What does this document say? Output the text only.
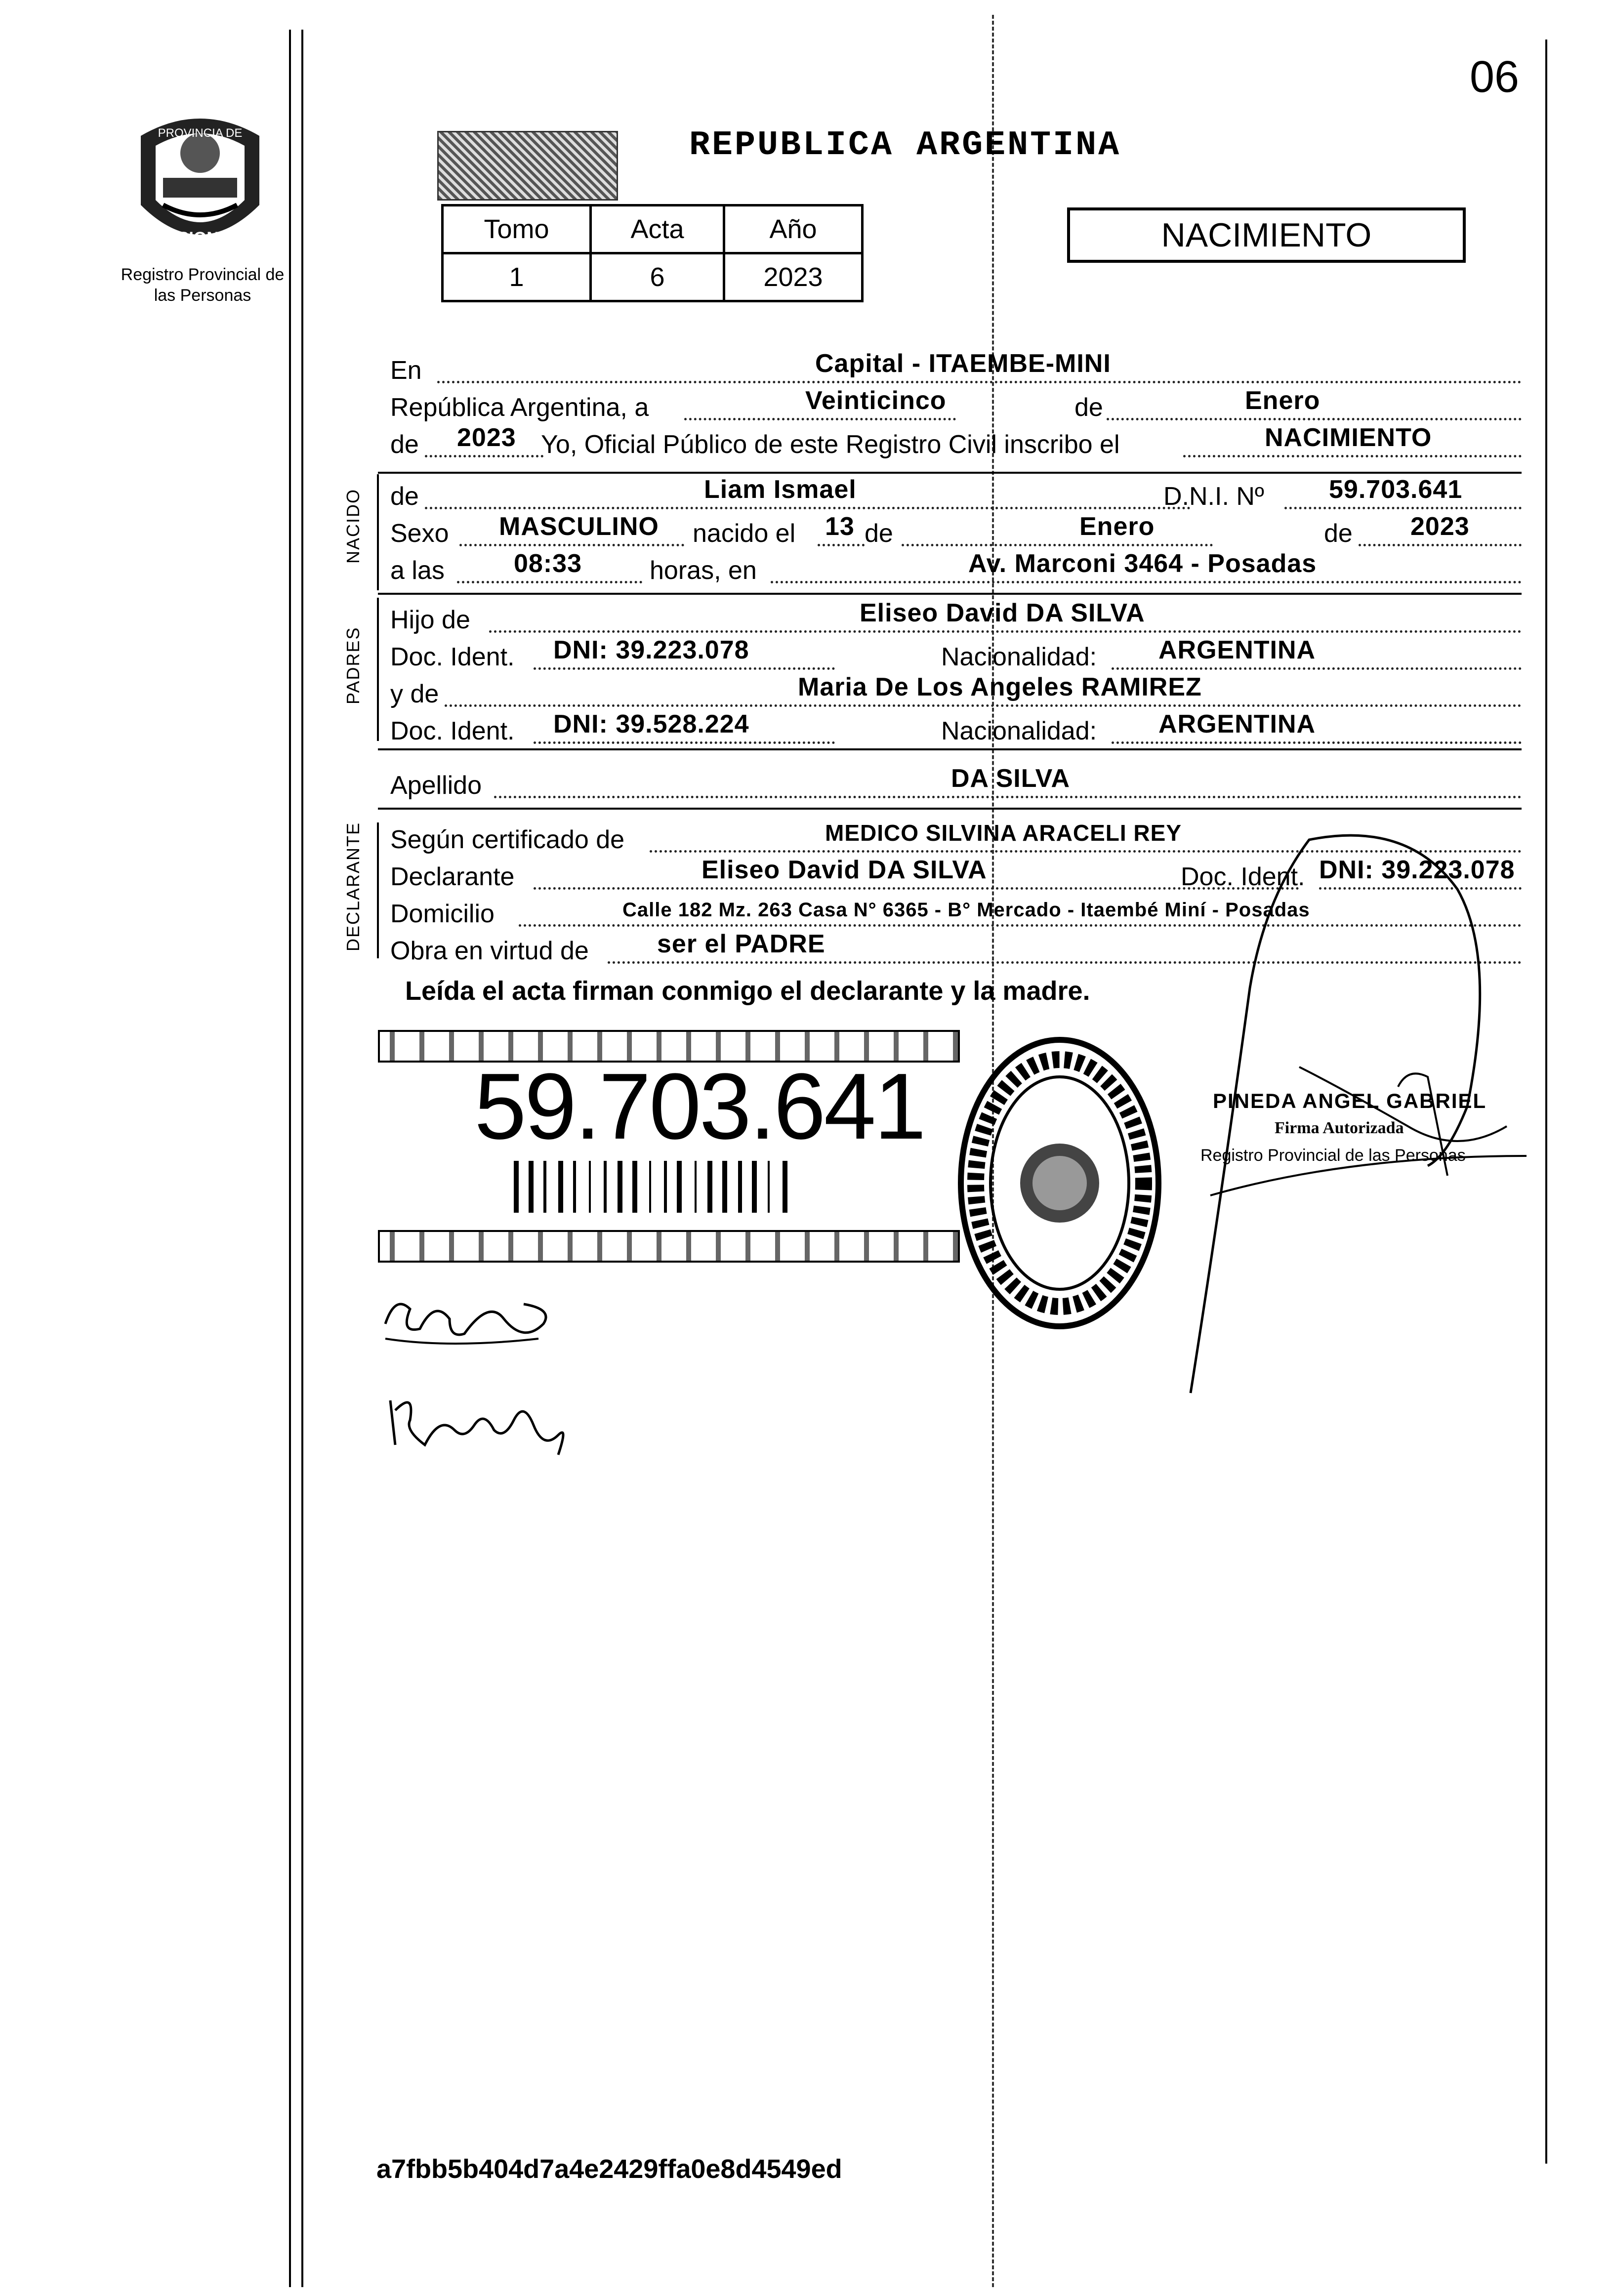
PROVINCIA DE
MISIONES
Registro Provincial de las Personas
06
REPUBLICA ARGENTINA
Tomo	Acta	Año
1	6	2023
NACIMIENTO
En	Capital - ITAEMBE-MINI
República Argentina, a	Veinticinco	de	Enero
de 2023 Yo, Oficial Público de este Registro Civil inscribo el	NACIMIENTO
NACIDO de	Liam Ismael	D.N.I. Nº	59.703.641
Sexo MASCULINO nacido el 13 de	Enero	de 2023
a las	08:33	horas, en	Av. Marconi 3464 - Posadas
PADRES
Hijo de	Eliseo David DA SILVA
Doc. Ident. DNI: 39.223.078	Nacionalidad: ARGENTINA
y de	Maria De Los Angeles RAMIREZ
Doc. Ident. DNI: 39.528.224	Nacionalidad: ARGENTINA
Apellido	DA SILVA
DECLARANTE Según certificado de	MEDICO SILVINA ARACELI REY
Declarante	Eliseo David DA SILVA	Doc. Ident. DNI: 39.223.078
Domicilio	Calle 182 Mz. 263 Casa N° 6365 - B° Mercado - Itaembé Miní - Posadas
Obra en virtud de	ser el PADRE
Leída el acta firman conmigo el declarante y la madre.
59.703.641	PINEDA ANGEL GABRIEL
Firma Autorizada
Registro Provincial de las Personas
a7fbb5b404d7a4e2429ffa0e8d4549ed
